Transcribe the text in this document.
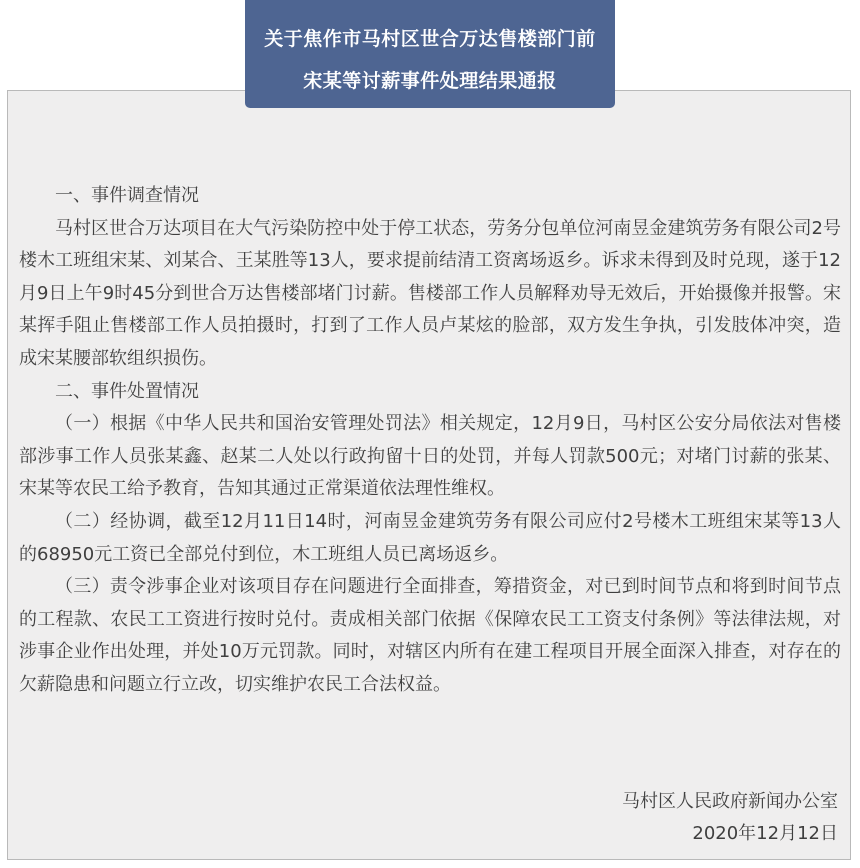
关于焦作市马村区世合万达售楼部门前
宋某等讨薪事件处理结果通报

一、事件调查情况

马村区世合万达项目在大气污染防控中处于停工状态，劳务分包单位河南昱金建筑劳务有限公司2号楼木工班组宋某、刘某合、王某胜等13人，要求提前结清工资离场返乡。诉求未得到及时兑现，遂于12月9日上午9时45分到世合万达售楼部堵门讨薪。售楼部工作人员解释劝导无效后，开始摄像并报警。宋某挥手阻止售楼部工作人员拍摄时，打到了工作人员卢某炫的脸部，双方发生争执，引发肢体冲突，造成宋某腰部软组织损伤。

二、事件处置情况

（一）根据《中华人民共和国治安管理处罚法》相关规定，12月9日，马村区公安分局依法对售楼部涉事工作人员张某鑫、赵某二人处以行政拘留十日的处罚，并每人罚款500元；对堵门讨薪的张某、宋某等农民工给予教育，告知其通过正常渠道依法理性维权。

（二）经协调，截至12月11日14时，河南昱金建筑劳务有限公司应付2号楼木工班组宋某等13人的68950元工资已全部兑付到位，木工班组人员已离场返乡。

（三）责令涉事企业对该项目存在问题进行全面排查，筹措资金，对已到时间节点和将到时间节点的工程款、农民工工资进行按时兑付。责成相关部门依据《保障农民工工资支付条例》等法律法规，对涉事企业作出处理，并处10万元罚款。同时，对辖区内所有在建工程项目开展全面深入排查，对存在的欠薪隐患和问题立行立改，切实维护农民工合法权益。

马村区人民政府新闻办公室
2020年12月12日
